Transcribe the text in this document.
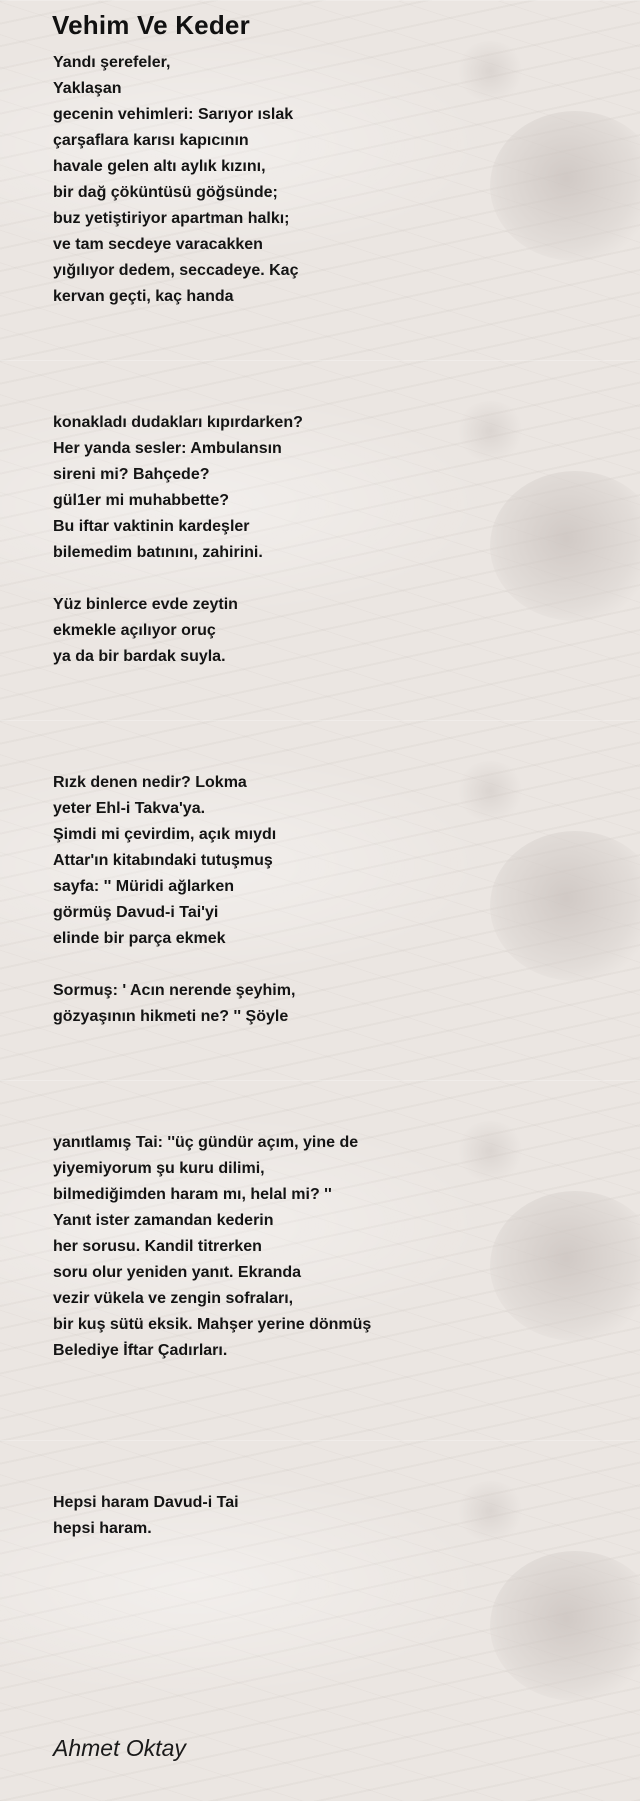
Vehim Ve Keder
Yandı şerefeler,
Yaklaşan
gecenin vehimleri: Sarıyor ıslak
çarşaflara karısı kapıcının
havale gelen altı aylık kızını,
bir dağ çöküntüsü göğsünde;
buz yetiştiriyor apartman halkı;
ve tam secdeye varacakken
yığılıyor dedem, seccadeye. Kaç
kervan geçti, kaç handa
konakladı dudakları kıpırdarken?
Her yanda sesler: Ambulansın
sireni mi? Bahçede?
gül1er mi muhabbette?
Bu iftar vaktinin kardeşler
bilemedim batınını, zahirini.
Yüz binlerce evde zeytin
ekmekle açılıyor oruç
ya da bir bardak suyla.
Rızk denen nedir? Lokma
yeter Ehl-i Takva'ya.
Şimdi mi çevirdim, açık mıydı
Attar'ın kitabındaki tutuşmuş
sayfa: '' Müridi ağlarken
görmüş Davud-i Tai'yi
elinde bir parça ekmek
Sormuş: ' Acın nerende şeyhim,
gözyaşının hikmeti ne? '' Şöyle
yanıtlamış Tai: ''üç gündür açım, yine de
yiyemiyorum şu kuru dilimi,
bilmediğimden haram mı, helal mi? ''
Yanıt ister zamandan kederin
her sorusu. Kandil titrerken
soru olur yeniden yanıt. Ekranda
vezir vükela ve zengin sofraları,
bir kuş sütü eksik. Mahşer yerine dönmüş
Belediye İftar Çadırları.
Hepsi haram Davud-i Tai
hepsi haram.
Ahmet Oktay
